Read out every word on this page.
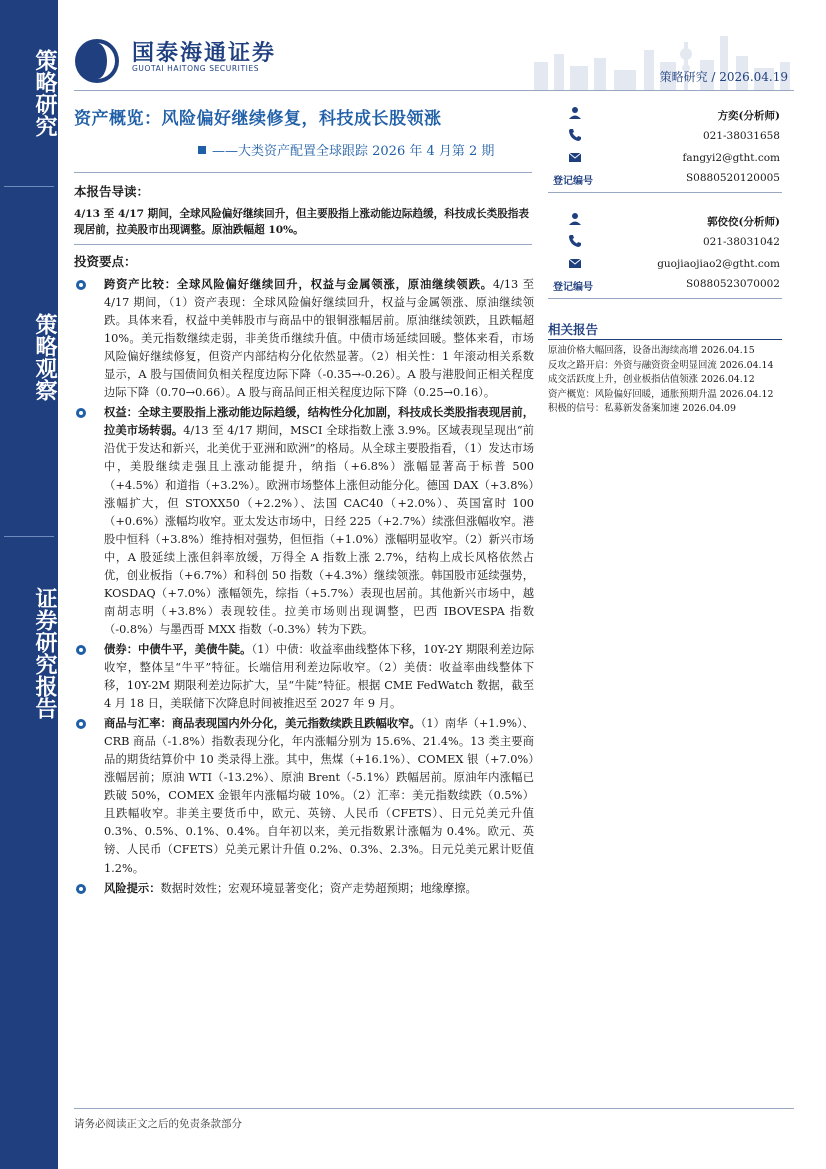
策略研究
策略观察
证券研究报告
国泰海通证券
GUOTAI HAITONG SECURITIES
策略研究 / 2026.04.19
资产概览：风险偏好继续修复，科技成长股领涨
——大类资产配置全球跟踪 2026 年 4 月第 2 期
本报告导读：
4/13 至 4/17 期间，全球风险偏好继续回升，但主要股指上涨动能边际趋缓，科技成长类股指表现居前，拉美股市出现调整。原油跌幅超 10%。
投资要点：
跨资产比较：全球风险偏好继续回升，权益与金属领涨，原油继续领跌。4/13 至 4/17 期间，（1）资产表现：全球风险偏好继续回升，权益与金属领涨、原油继续领跌。具体来看，权益中美韩股市与商品中的银铜涨幅居前。原油继续领跌，且跌幅超 10%。美元指数继续走弱，非美货币继续升值。中债市场延续回暖。整体来看，市场风险偏好继续修复，但资产内部结构分化依然显著。（2）相关性：1 年滚动相关系数显示，A 股与国债间负相关程度边际下降（-0.35→-0.26）。A 股与港股间正相关程度边际下降（0.70→0.66）。A 股与商品间正相关程度边际下降（0.25→0.16）。
权益：全球主要股指上涨动能边际趋缓，结构性分化加剧，科技成长类股指表现居前，拉美市场转弱。4/13 至 4/17 期间，MSCI 全球指数上涨 3.9%。区域表现呈现出“前沿优于发达和新兴，北美优于亚洲和欧洲”的格局。从全球主要股指看，（1）发达市场中，美股继续走强且上涨动能提升，纳指（+6.8%）涨幅显著高于标普 500（+4.5%）和道指（+3.2%）。欧洲市场整体上涨但动能分化。德国 DAX（+3.8%）涨幅扩大，但 STOXX50（+2.2%）、法国 CAC40（+2.0%）、英国富时 100（+0.6%）涨幅均收窄。亚太发达市场中，日经 225（+2.7%）续涨但涨幅收窄。港股中恒科（+3.8%）维持相对强势，但恒指（+1.0%）涨幅明显收窄。（2）新兴市场中，A 股延续上涨但斜率放缓，万得全 A 指数上涨 2.7%，结构上成长风格依然占优，创业板指（+6.7%）和科创 50 指数（+4.3%）继续领涨。韩国股市延续强势，KOSDAQ（+7.0%）涨幅领先，综指（+5.7%）表现也居前。其他新兴市场中，越南胡志明（+3.8%）表现较佳。拉美市场则出现调整，巴西 IBOVESPA 指数（-0.8%）与墨西哥 MXX 指数（-0.3%）转为下跌。
债券：中债牛平，美债牛陡。（1）中债：收益率曲线整体下移，10Y-2Y 期限利差边际收窄，整体呈“牛平”特征。长端信用利差边际收窄。（2）美债：收益率曲线整体下移，10Y-2M 期限利差边际扩大，呈“牛陡”特征。根据 CME FedWatch 数据，截至 4 月 18 日，美联储下次降息时间被推迟至 2027 年 9 月。
商品与汇率：商品表现国内外分化，美元指数续跌且跌幅收窄。（1）南华（+1.9%）、CRB 商品（-1.8%）指数表现分化，年内涨幅分别为 15.6%、21.4%。13 类主要商品的期货结算价中 10 类录得上涨。其中，焦煤（+16.1%）、COMEX 银（+7.0%）涨幅居前；原油 WTI（-13.2%）、原油 Brent（-5.1%）跌幅居前。原油年内涨幅已跌破 50%，COMEX 金银年内涨幅均破 10%。（2）汇率：美元指数续跌（0.5%）且跌幅收窄。非美主要货币中，欧元、英镑、人民币（CFETS）、日元兑美元升值 0.3%、0.5%、0.1%、0.4%。自年初以来，美元指数累计涨幅为 0.4%。欧元、英镑、人民币（CFETS）兑美元累计升值 0.2%、0.3%、2.3%。日元兑美元累计贬值 1.2%。
风险提示：数据时效性；宏观环境显著变化；资产走势超预期；地缘摩擦。
方奕(分析师)
021-38031658
fangyi2@gtht.com
登记编号	S0880520120005
郭佼佼(分析师)
021-38031042
guojiaojiao2@gtht.com
登记编号	S0880523070002
相关报告
原油价格大幅回落，设备出海续高增 2026.04.15
反攻之路开启：外资与融资资金明显回流 2026.04.14
成交活跃度上升，创业板指估值领涨 2026.04.12
资产概览：风险偏好回暖，通胀预期升温 2026.04.12
积极的信号：私募新发备案加速 2026.04.09
请务必阅读正文之后的免责条款部分
